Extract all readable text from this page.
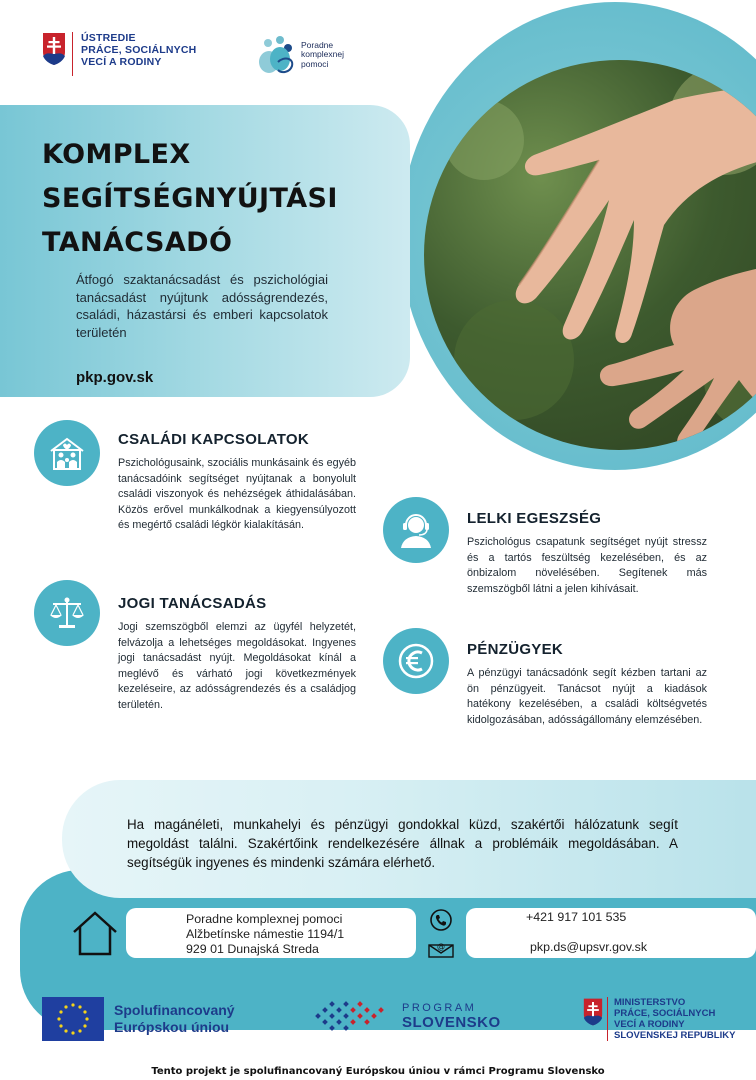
ÚSTREDIE
PRÁCE, SOCIÁLNYCH
VECÍ A RODINY
Poradne
komplexnej
pomoci
KOMPLEX
SEGÍTSÉGNYÚJTÁSI
TANÁCSADÓ
Átfogó szaktanácsadást és pszichológiai tanácsadást nyújtunk adósságrendezés, családi, házastársi és emberi kapcsolatok területén
pkp.gov.sk
CSALÁDI KAPCSOLATOK
Pszichológusaink, szociális munkásaink és egyéb tanácsadóink segítséget nyújtanak a bonyolult családi viszonyok és nehézségek áthidalásában. Közös erővel munkálkodnak a kiegyensúlyozott és megértő családi légkör kialakításán.	LELKI EGESZSÉG
Pszichológus csapatunk segítséget nyújt stressz és a tartós feszültség kezelésében, és az önbizalom növelésében. Segítenek más szemszögből látni a jelen kihívásait.
JOGI TANÁCSADÁS
Jogi szemszögből elemzi az ügyfél helyzetét, felvázolja a lehetséges megoldásokat. Ingyenes jogi tanácsadást nyújt. Megoldásokat kínál a meglévő és várható jogi következmények kezeléseire, az adósságrendezés és a családjog területén.
PÉNZÜGYEK
A pénzügyi tanácsadónk segít kézben tartani az ön pénzügyeit. Tanácsot nyújt a kiadások hatékony kezelésében, a családi költségvetés kidolgozásában, adósságállomány elemzésében.
Ha magánéleti, munkahelyi és pénzügyi gondokkal küzd, szakértői hálózatunk segít megoldást találni. Szakértőink rendelkezésére állnak a problémáik megoldásában. A segítségük ingyenes és mindenki számára elérhető.
Poradne komplexnej pomoci
Alžbetínske námestie 1194/1
929 01 Dunajská Streda	@
+421 917 101 535
pkp.ds@upsvr.gov.sk
Spolufinancovaný
Európskou úniou
PROGRAM
SLOVENSKO
MINISTERSTVO
PRÁCE, SOCIÁLNYCH
VECÍ A RODINY
SLOVENSKEJ REPUBLIKY
Tento projekt je spolufinancovaný Európskou úniou v rámci Programu Slovensko
